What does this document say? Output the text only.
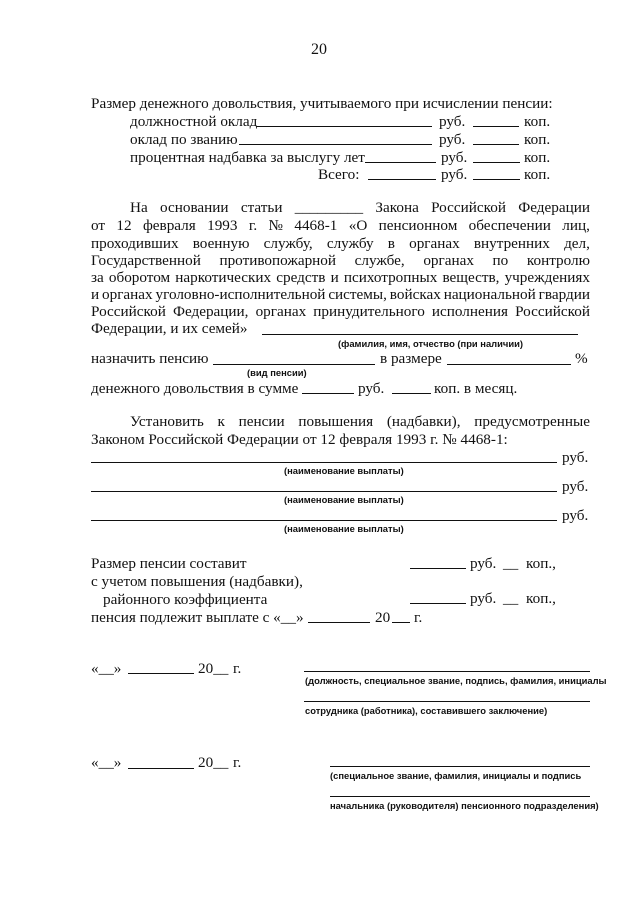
20
Размер денежного довольствия, учитываемого при исчислении пенсии:
должностной оклад	руб.	коп.
оклад по званию	руб.	коп.
процентная надбавка за выслугу лет	руб.	коп.
Всего:	руб.	коп.
На основании статьи _________ Закона Российской Федерации
от 12 февраля 1993 г. № 4468-1 «О пенсионном обеспечении лиц,
проходивших военную службу, службу в органах внутренних дел,
Государственной противопожарной службе, органах по контролю
за оборотом наркотических средств и психотропных веществ, учреждениях
и органах уголовно-исполнительной системы, войсках национальной гвардии
Российской Федерации, органах принудительного исполнения Российской
Федерации, и их семей»
(фамилия, имя, отчество (при наличии)
назначить пенсию	в размере	%
(вид пенсии)
денежного довольствия в сумме	руб.	коп. в месяц.
Установить к пенсии повышения (надбавки), предусмотренные
Законом Российской Федерации от 12 февраля 1993 г. № 4468-1:
руб.
(наименование выплаты)
руб.
(наименование выплаты)
руб.
(наименование выплаты)
Размер пенсии составит	руб. __ коп.,
с учетом повышения (надбавки),
районного коэффициента	руб. __ коп.,
пенсия подлежит выплате с «__»	20 г.
«__»	20__ г.
(должность, специальное звание, подпись, фамилия, инициалы
сотрудника (работника), составившего заключение)
«__»	20__ г.
(специальное звание, фамилия, инициалы и подпись
начальника (руководителя) пенсионного подразделения)
